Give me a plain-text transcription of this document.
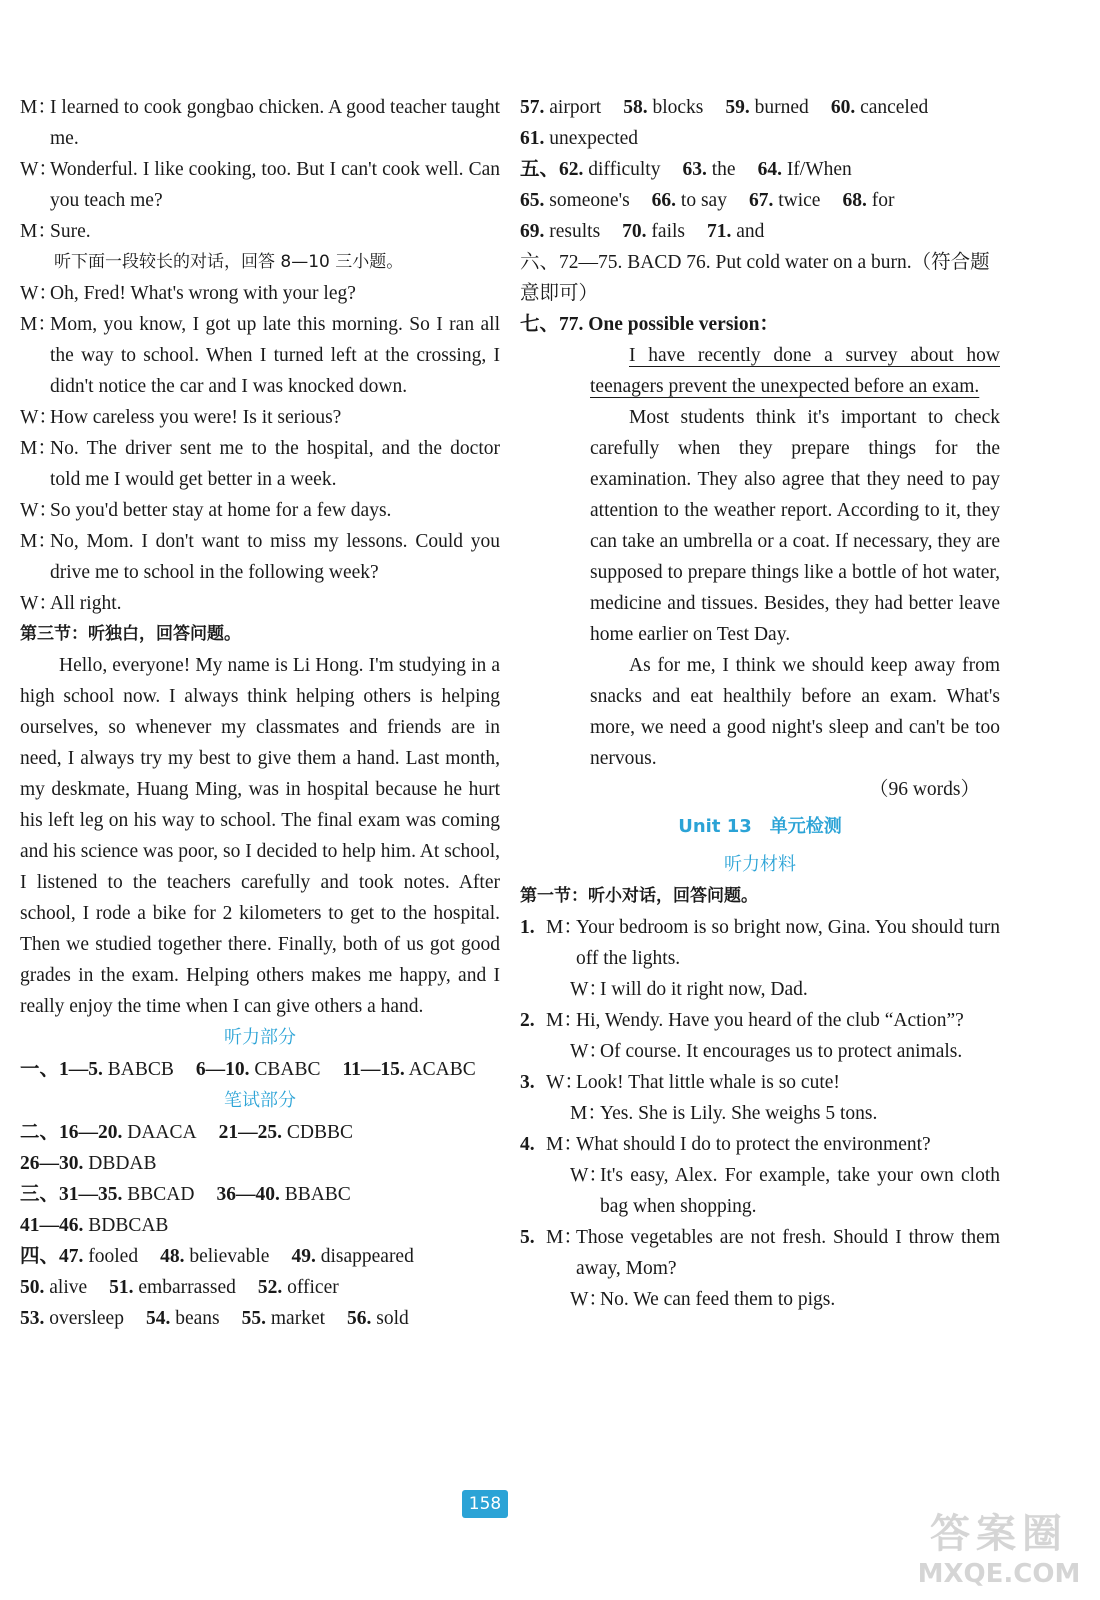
M：
I learned to cook gongbao chicken. A good teacher taught me.
W：
Wonderful. I like cooking, too. But I can't cook well. Can you teach me?
M：
Sure.

听下面一段较长的对话，回答 8—10 三小题。

W：
Oh, Fred! What's wrong with your leg?
M：
Mom, you know, I got up late this morning. So I ran all the way to school. When I turned left at the crossing, I didn't notice the car and I was knocked down.
W：
How careless you were! Is it serious?
M：
No. The driver sent me to the hospital, and the doctor told me I would get better in a week.
W：
So you'd better stay at home for a few days.
M：
No, Mom. I don't want to miss my lessons. Could you drive me to school in the following week?
W：
All right.

第三节：听独白，回答问题。

Hello, everyone! My name is Li Hong. I'm studying in a high school now. I always think helping others is helping ourselves, so whenever my classmates and friends are in need, I always try my best to give them a hand. Last month, my deskmate, Huang Ming, was in hospital because he hurt his left leg on his way to school. The final exam was coming and his science was poor, so I decided to help him. At school, I listened to the teachers carefully and took notes. After school, I rode a bike for 2 kilometers to get to the hospital. Then we studied together there. Finally, both of us got good grades in the exam. Helping others makes me happy, and I really enjoy the time when I can give others a hand.

听力部分
一、1—5. BABCB 6—10. CBABC 11—15. ACABC
笔试部分
二、16—20. DAACA 21—25. CDBBC
26—30. DBDAB
三、31—35. BBCAD 36—40. BBABC
41—46. BDBCAB
四、47. fooled 48. believable 49. disappeared
50. alive 51. embarrassed 52. officer
53. oversleep 54. beans 55. market 56. sold
57. airport 58. blocks 59. burned 60. canceled
61. unexpected
五、62. difficulty 63. the 64. If/When
65. someone's 66. to say 67. twice 68. for
69. results 70. fails 71. and

六、72—75. BACD 76. Put cold water on a burn.（符合题意即可）

七、77. One possible version：

I have recently done a survey about how teenagers prevent the unexpected before an exam.

Most students think it's important to check carefully when they prepare things for the examination. They also agree that they need to pay attention to the weather report. According to it, they can take an umbrella or a coat. If necessary, they are supposed to prepare things like a bottle of hot water, medicine and tissues. Besides, they had better leave home earlier on Test Day.

As for me, I think we should keep away from snacks and eat healthily before an exam. What's more, we need a good night's sleep and can't be too nervous.

（96 words）

Unit 13　单元检测
听力材料

第一节：听小对话，回答问题。

1. M：
Your bedroom is so bright now, Gina. You should turn off the lights.
W：
I will do it right now, Dad.
2. M：
Hi, Wendy. Have you heard of the club “Action”?
W：
Of course. It encourages us to protect animals.
3. W：
Look! That little whale is so cute!
M：
Yes. She is Lily. She weighs 5 tons.
4. M：
What should I do to protect the environment?
W：
It's easy, Alex. For example, take your own cloth bag when shopping.
5. M：
Those vegetables are not fresh. Should I throw them away, Mom?
W：
No. We can feed them to pigs.
158
答案圈
MXQE.COM
